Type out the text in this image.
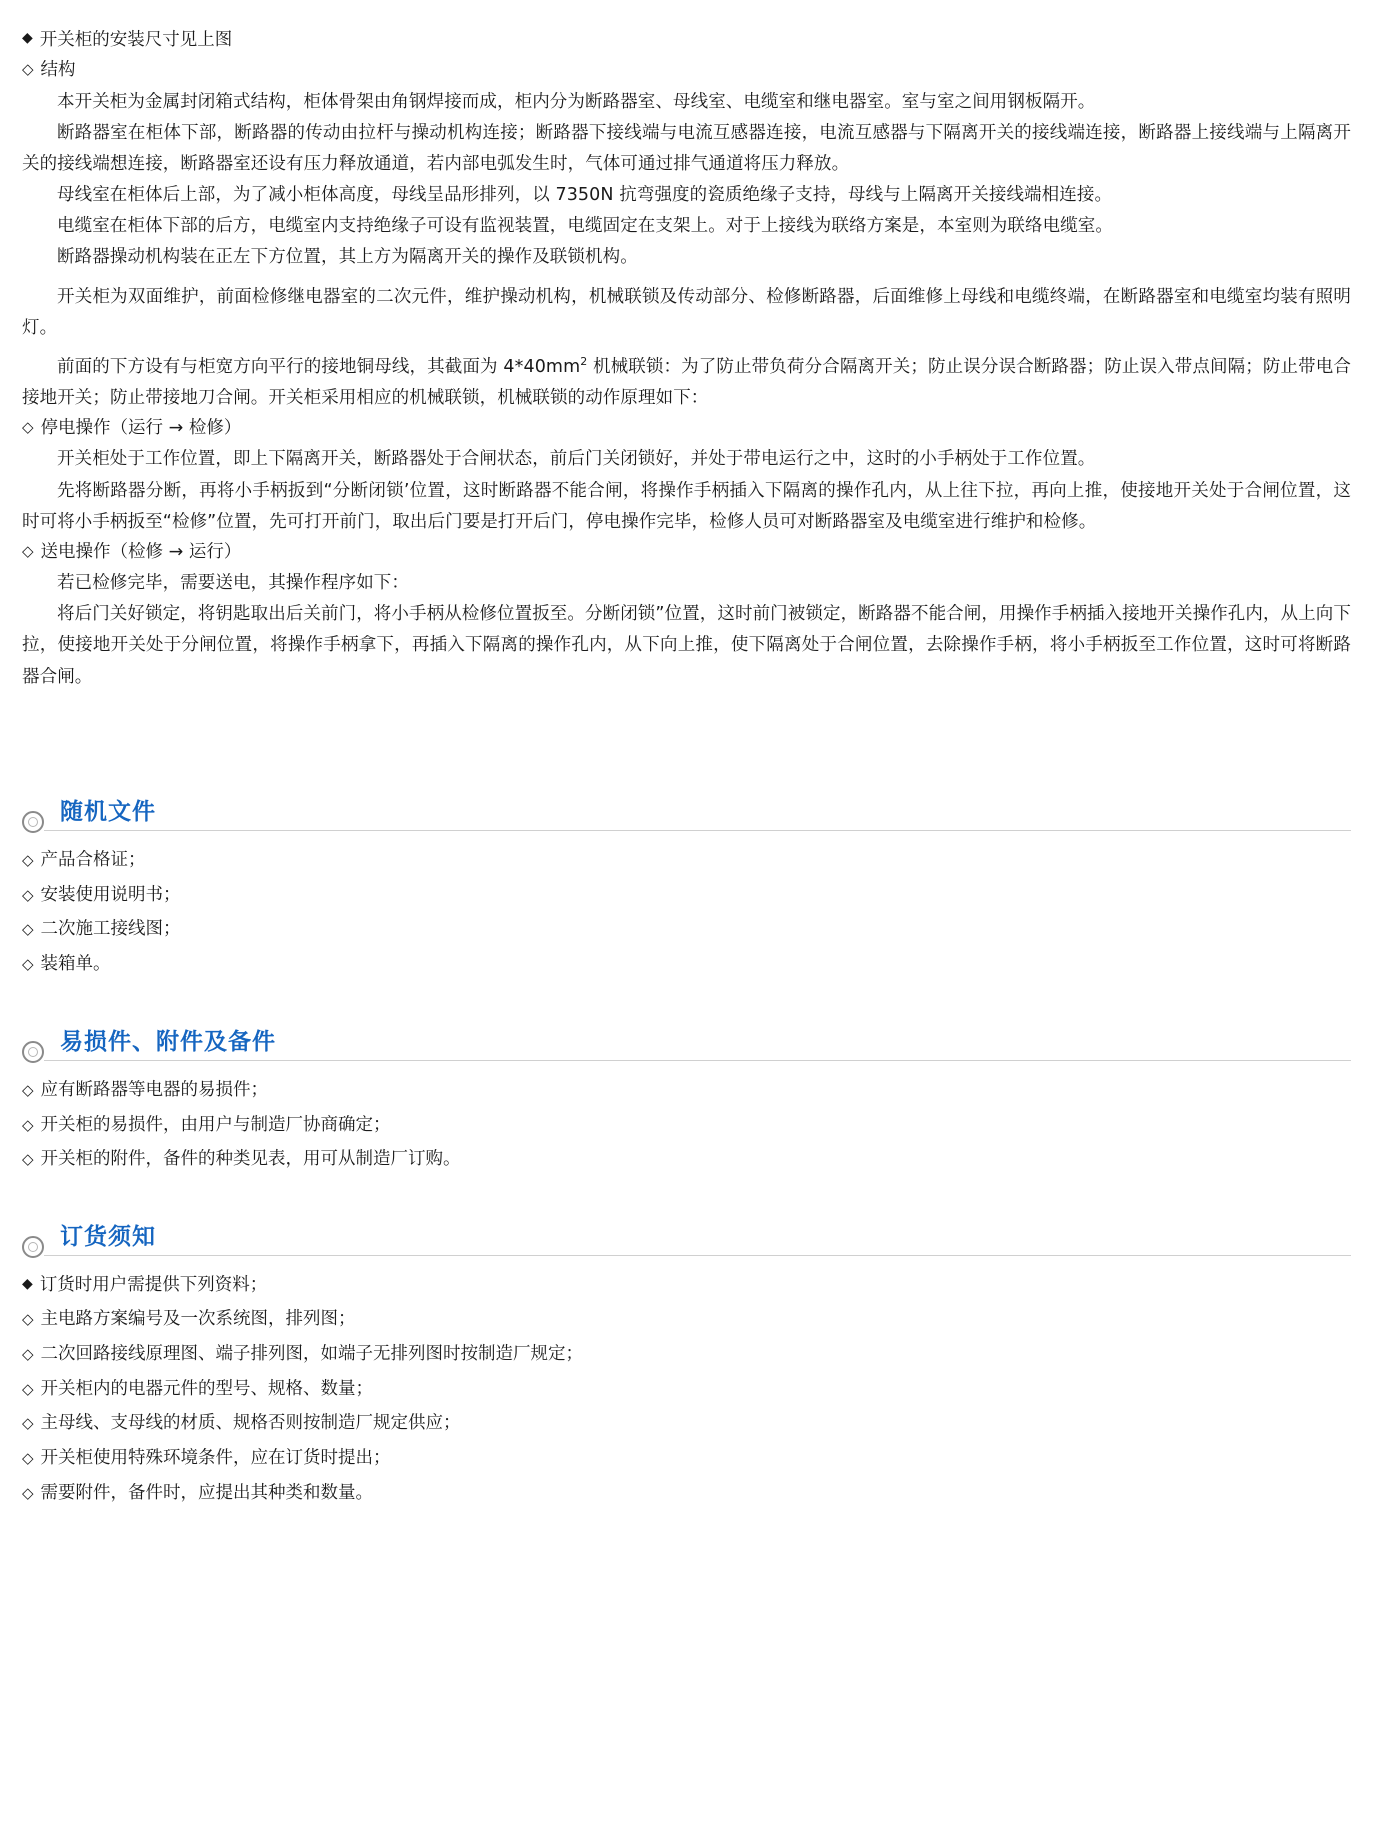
◆ 开关柜的安装尺寸见上图
◇ 结构

本开关柜为金属封闭箱式结构，柜体骨架由角钢焊接而成，柜内分为断路器室、母线室、电缆室和继电器室。室与室之间用钢板隔开。

断路器室在柜体下部，断路器的传动由拉杆与操动机构连接；断路器下接线端与电流互感器连接，电流互感器与下隔离开关的接线端连接，断路器上接线端与上隔离开关的接线端想连接，断路器室还设有压力释放通道，若内部电弧发生时，气体可通过排气通道将压力释放。

母线室在柜体后上部，为了减小柜体高度，母线呈品形排列，以 7350N 抗弯强度的瓷质绝缘子支持，母线与上隔离开关接线端相连接。

电缆室在柜体下部的后方，电缆室内支持绝缘子可设有监视装置，电缆固定在支架上。对于上接线为联络方案是，本室则为联络电缆室。

断路器操动机构装在正左下方位置，其上方为隔离开关的操作及联锁机构。

开关柜为双面维护，前面检修继电器室的二次元件，维护操动机构，机械联锁及传动部分、检修断路器，后面维修上母线和电缆终端，在断路器室和电缆室均装有照明灯。

前面的下方设有与柜宽方向平行的接地铜母线，其截面为 $4*40mm^2$ 机械联锁：为了防止带负荷分合隔离开关；防止误分误合断路器；防止误入带点间隔；防止带电合接地开关；防止带接地刀合闸。开关柜采用相应的机械联锁，机械联锁的动作原理如下：

◇ 停电操作（运行 → 检修）

开关柜处于工作位置，即上下隔离开关，断路器处于合闸状态，前后门关闭锁好，并处于带电运行之中，这时的小手柄处于工作位置。

先将断路器分断，再将小手柄扳到“分断闭锁’位置，这时断路器不能合闸，将操作手柄插入下隔离的操作孔内，从上往下拉，再向上推，使接地开关处于合闸位置，这时可将小手柄扳至“检修”位置，先可打开前门，取出后门要是打开后门，停电操作完毕，检修人员可对断路器室及电缆室进行维护和检修。

◇ 送电操作（检修 → 运行）

若已检修完毕，需要送电，其操作程序如下：

将后门关好锁定，将钥匙取出后关前门，将小手柄从检修位置扳至。分断闭锁”位置，这时前门被锁定，断路器不能合闸，用操作手柄插入接地开关操作孔内，从上向下拉，使接地开关处于分闸位置，将操作手柄拿下，再插入下隔离的操作孔内，从下向上推，使下隔离处于合闸位置，去除操作手柄，将小手柄扳至工作位置，这时可将断路器合闸。

随机文件
◇ 产品合格证；
◇ 安装使用说明书；
◇ 二次施工接线图；
◇ 装箱单。
易损件、附件及备件
◇ 应有断路器等电器的易损件；
◇ 开关柜的易损件，由用户与制造厂协商确定；
◇ 开关柜的附件，备件的种类见表，用可从制造厂订购。
订货须知
◆ 订货时用户需提供下列资料；
◇ 主电路方案编号及一次系统图，排列图；
◇ 二次回路接线原理图、端子排列图，如端子无排列图时按制造厂规定；
◇ 开关柜内的电器元件的型号、规格、数量；
◇ 主母线、支母线的材质、规格否则按制造厂规定供应；
◇ 开关柜使用特殊环境条件，应在订货时提出；
◇ 需要附件，备件时，应提出其种类和数量。
